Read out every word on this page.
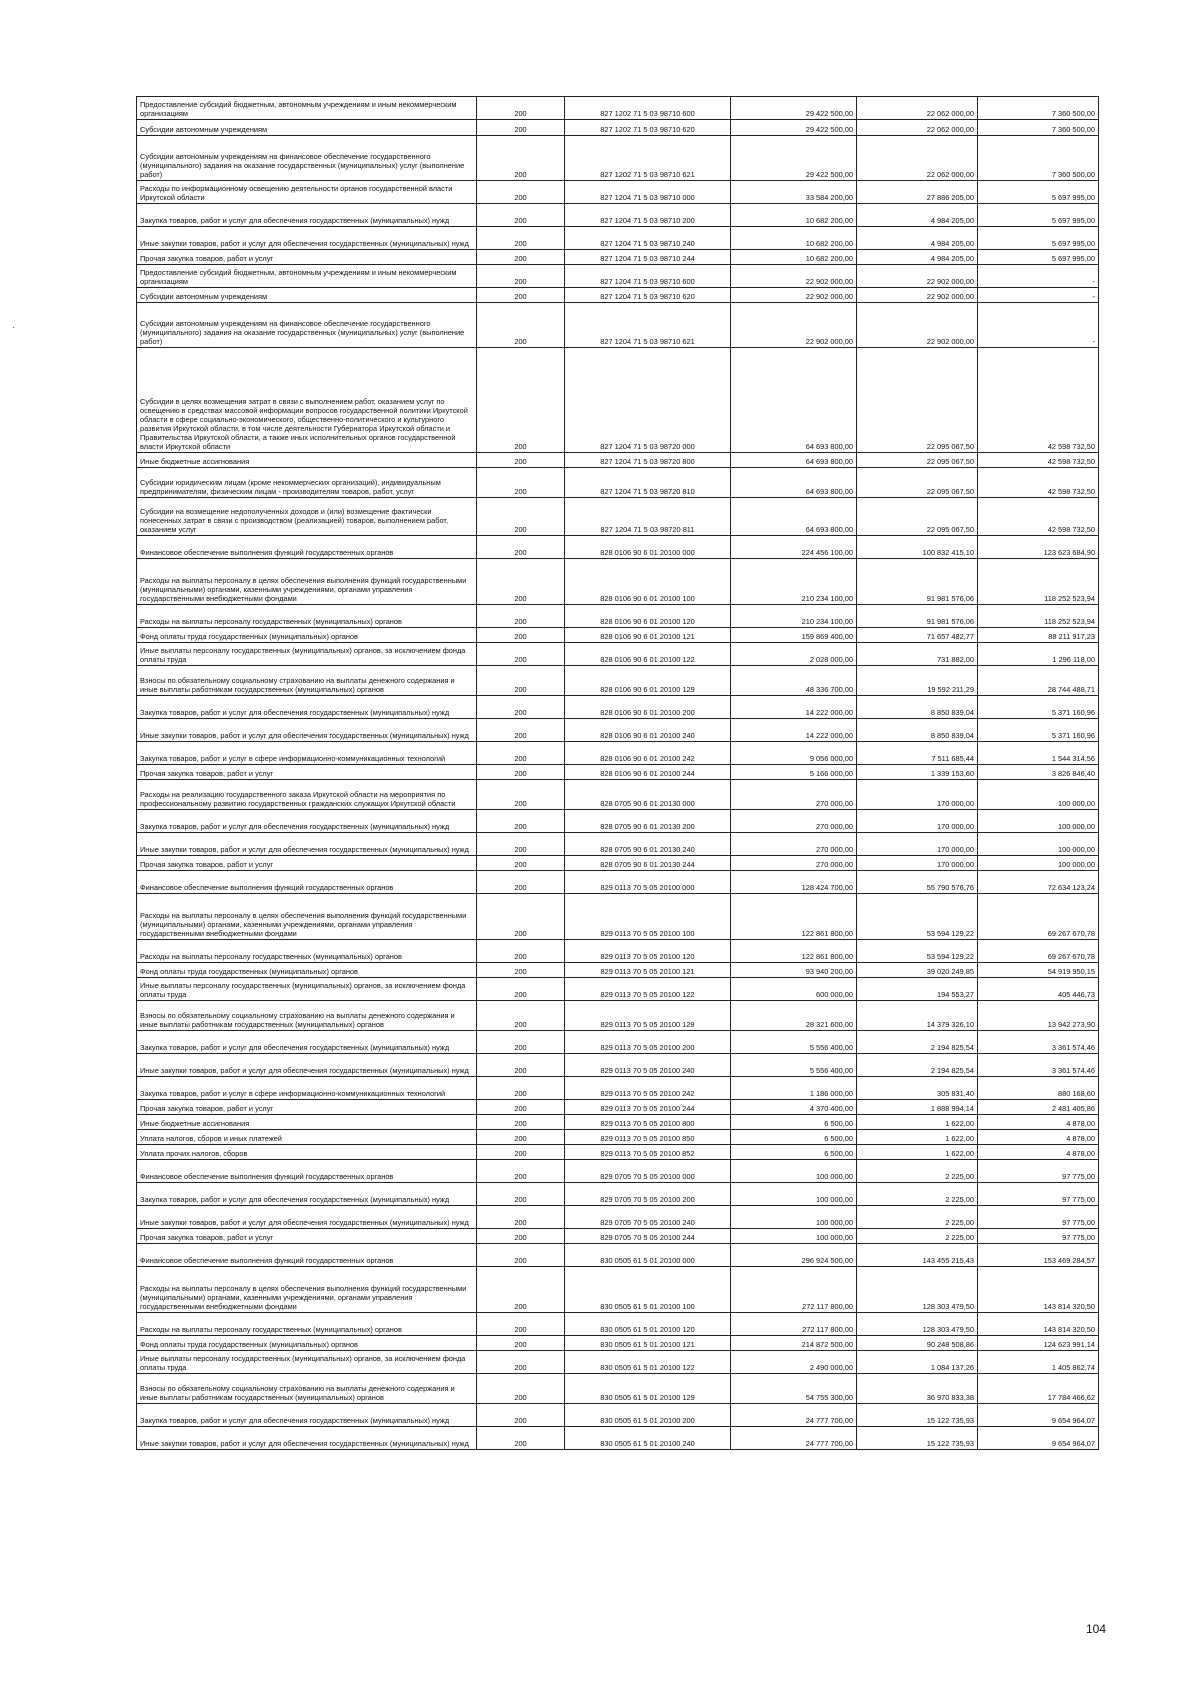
.
Предоставление субсидий бюджетным, автономным учреждениям и иным некоммерческим организациям	200	827 1202 71 5 03 98710 600	29 422 500,00	22 062 000,00	7 360 500,00
Субсидии автономным учреждениям	200	827 1202 71 5 03 98710 620	29 422 500,00	22 062 000,00	7 360 500,00
Субсидии автономным учреждениям на финансовое обеспечение государственного (муниципального) задания на оказание государственных (муниципальных) услуг (выполнение работ)	200	827 1202 71 5 03 98710 621	29 422 500,00	22 062 000,00	7 360 500,00
Расходы по информационному освещению деятельности органов государственной власти Иркутской области	200	827 1204 71 5 03 98710 000	33 584 200,00	27 886 205,00	5 697 995,00
Закупка товаров, работ и услуг для обеспечения государственных (муниципальных) нужд	200	827 1204 71 5 03 98710 200	10 682 200,00	4 984 205,00	5 697 995,00
Иные закупки товаров, работ и услуг для обеспечения государственных (муниципальных) нужд	200	827 1204 71 5 03 98710 240	10 682 200,00	4 984 205,00	5 697 995,00
Прочая закупка товаров, работ и услуг	200	827 1204 71 5 03 98710 244	10 682 200,00	4 984 205,00	5 697 995,00
Предоставление субсидий бюджетным, автономным учреждениям и иным некоммерческим организациям	200	827 1204 71 5 03 98710 600	22 902 000,00	22 902 000,00	-
Субсидии автономным учреждениям	200	827 1204 71 5 03 98710 620	22 902 000,00	22 902 000,00	-
Субсидии автономным учреждениям на финансовое обеспечение государственного (муниципального) задания на оказание государственных (муниципальных) услуг (выполнение работ)	200	827 1204 71 5 03 98710 621	22 902 000,00	22 902 000,00	-
Субсидии в целях возмещения затрат в связи с выполнением работ, оказанием услуг по освещению в средствах массовой информации вопросов государственной политики Иркутской области в сфере социально-экономического, общественно-политического и культурного развития Иркутской области, в том числе деятельности Губернатора Иркутской области и Правительства Иркутской области, а также иных исполнительных органов государственной власти Иркутской области	200	827 1204 71 5 03 98720 000	64 693 800,00	22 095 067,50	42 598 732,50
Иные бюджетные ассигнования	200	827 1204 71 5 03 98720 800	64 693 800,00	22 095 067,50	42 598 732,50
Субсидии юридическим лицам (кроме некоммерческих организаций), индивидуальным предпринимателям, физическим лицам - производителям товаров, работ, услуг	200	827 1204 71 5 03 98720 810	64 693 800,00	22 095 067,50	42 598 732,50
Субсидии на возмещение недополученных доходов и (или) возмещение фактически понесенных затрат в связи с производством (реализацией) товаров, выполнением работ, оказанием услуг	200	827 1204 71 5 03 98720 811	64 693 800,00	22 095 067,50	42 598 732,50
Финансовое обеспечение выполнения функций государственных органов	200	828 0106 90 6 01 20100 000	224 456 100,00	100 832 415,10	123 623 684,90
Расходы на выплаты персоналу в целях обеспечения выполнения функций государственными (муниципальными) органами, казенными учреждениями, органами управления государственными внебюджетными фондами	200	828 0106 90 6 01 20100 100	210 234 100,00	91 981 576,06	118 252 523,94
Расходы на выплаты персоналу государственных (муниципальных) органов	200	828 0106 90 6 01 20100 120	210 234 100,00	91 981 576,06	118 252 523,94
Фонд оплаты труда государственных (муниципальных) органов	200	828 0106 90 6 01 20100 121	159 869 400,00	71 657 482,77	88 211 917,23
Иные выплаты персоналу государственных (муниципальных) органов, за исключением фонда оплаты труда	200	828 0106 90 6 01 20100 122	2 028 000,00	731 882,00	1 296 118,00
Взносы по обязательному социальному страхованию на выплаты денежного содержания и иные выплаты работникам государственных (муниципальных) органов	200	828 0106 90 6 01 20100 129	48 336 700,00	19 592 211,29	28 744 488,71
Закупка товаров, работ и услуг для обеспечения государственных (муниципальных) нужд	200	828 0106 90 6 01 20100 200	14 222 000,00	8 850 839,04	5 371 160,96
Иные закупки товаров, работ и услуг для обеспечения государственных (муниципальных) нужд	200	828 0106 90 6 01 20100 240	14 222 000,00	8 850 839,04	5 371 160,96
Закупка товаров, работ и услуг в сфере информационно-коммуникационных технологий	200	828 0106 90 6 01 20100 242	9 056 000,00	7 511 685,44	1 544 314,56
Прочая закупка товаров, работ и услуг	200	828 0106 90 6 01 20100 244	5 166 000,00	1 339 153,60	3 826 846,40
Расходы на реализацию государственного заказа Иркутской области на мероприятия по профессиональному развитию государственных гражданских служащих Иркутской области	200	828 0705 90 6 01 20130 000	270 000,00	170 000,00	100 000,00
Закупка товаров, работ и услуг для обеспечения государственных (муниципальных) нужд	200	828 0705 90 6 01 20130 200	270 000,00	170 000,00	100 000,00
Иные закупки товаров, работ и услуг для обеспечения государственных (муниципальных) нужд	200	828 0705 90 6 01 20130 240	270 000,00	170 000,00	100 000,00
Прочая закупка товаров, работ и услуг	200	828 0705 90 6 01 20130 244	270 000,00	170 000,00	100 000,00
Финансовое обеспечение выполнения функций государственных органов	200	829 0113 70 5 05 20100 000	128 424 700,00	55 790 576,76	72 634 123,24
Расходы на выплаты персоналу в целях обеспечения выполнения функций государственными (муниципальными) органами, казенными учреждениями, органами управления государственными внебюджетными фондами	200	829 0113 70 5 05 20100 100	122 861 800,00	53 594 129,22	69 267 670,78
Расходы на выплаты персоналу государственных (муниципальных) органов	200	829 0113 70 5 05 20100 120	122 861 800,00	53 594 129,22	69 267 670,78
Фонд оплаты труда государственных (муниципальных) органов	200	829 0113 70 5 05 20100 121	93 940 200,00	39 020 249,85	54 919 950,15
Иные выплаты персоналу государственных (муниципальных) органов, за исключением фонда оплаты труда	200	829 0113 70 5 05 20100 122	600 000,00	194 553,27	405 446,73
Взносы по обязательному социальному страхованию на выплаты денежного содержания и иные выплаты работникам государственных (муниципальных) органов	200	829 0113 70 5 05 20100 129	28 321 600,00	14 379 326,10	13 942 273,90
Закупка товаров, работ и услуг для обеспечения государственных (муниципальных) нужд	200	829 0113 70 5 05 20100 200	5 556 400,00	2 194 825,54	3 361 574,46
Иные закупки товаров, работ и услуг для обеспечения государственных (муниципальных) нужд	200	829 0113 70 5 05 20100 240	5 556 400,00	2 194 825,54	3 361 574,46
Закупка товаров, работ и услуг в сфере информационно-коммуникационных технологий	200	829 0113 70 5 05 20100 242	1 186 000,00	305 831,40	880 168,60
Прочая закупка товаров, работ и услуг	200	829 0113 70 5 05 20100 244	4 370 400,00	1 888 994,14	2 481 405,86
Иные бюджетные ассигнования	200	829 0113 70 5 05 20100 800	6 500,00	1 622,00	4 878,00
Уплата налогов, сборов и иных платежей	200	829 0113 70 5 05 20100 850	6 500,00	1 622,00	4 878,00
Уплата прочих налогов, сборов	200	829 0113 70 5 05 20100 852	6 500,00	1 622,00	4 878,00
Финансовое обеспечение выполнения функций государственных органов	200	829 0705 70 5 05 20100 000	100 000,00	2 225,00	97 775,00
Закупка товаров, работ и услуг для обеспечения государственных (муниципальных) нужд	200	829 0705 70 5 05 20100 200	100 000,00	2 225,00	97 775,00
Иные закупки товаров, работ и услуг для обеспечения государственных (муниципальных) нужд	200	829 0705 70 5 05 20100 240	100 000,00	2 225,00	97 775,00
Прочая закупка товаров, работ и услуг	200	829 0705 70 5 05 20100 244	100 000,00	2 225,00	97 775,00
Финансовое обеспечение выполнения функций государственных органов	200	830 0505 61 5 01 20100 000	296 924 500,00	143 455 215,43	153 469 284,57
Расходы на выплаты персоналу в целях обеспечения выполнения функций государственными (муниципальными) органами, казенными учреждениями, органами управления государственными внебюджетными фондами	200	830 0505 61 5 01 20100 100	272 117 800,00	128 303 479,50	143 814 320,50
Расходы на выплаты персоналу государственных (муниципальных) органов	200	830 0505 61 5 01 20100 120	272 117 800,00	128 303 479,50	143 814 320,50
Фонд оплаты труда государственных (муниципальных) органов	200	830 0505 61 5 01 20100 121	214 872 500,00	90 248 508,86	124 623 991,14
Иные выплаты персоналу государственных (муниципальных) органов, за исключением фонда оплаты труда	200	830 0505 61 5 01 20100 122	2 490 000,00	1 084 137,26	1 405 862,74
Взносы по обязательному социальному страхованию на выплаты денежного содержания и иные выплаты работникам государственных (муниципальных) органов	200	830 0505 61 5 01 20100 129	54 755 300,00	36 970 833,38	17 784 466,62
Закупка товаров, работ и услуг для обеспечения государственных (муниципальных) нужд	200	830 0505 61 5 01 20100 200	24 777 700,00	15 122 735,93	9 654 964,07
Иные закупки товаров, работ и услуг для обеспечения государственных (муниципальных) нужд	200	830 0505 61 5 01 20100 240	24 777 700,00	15 122 735,93	9 654 964,07
104
